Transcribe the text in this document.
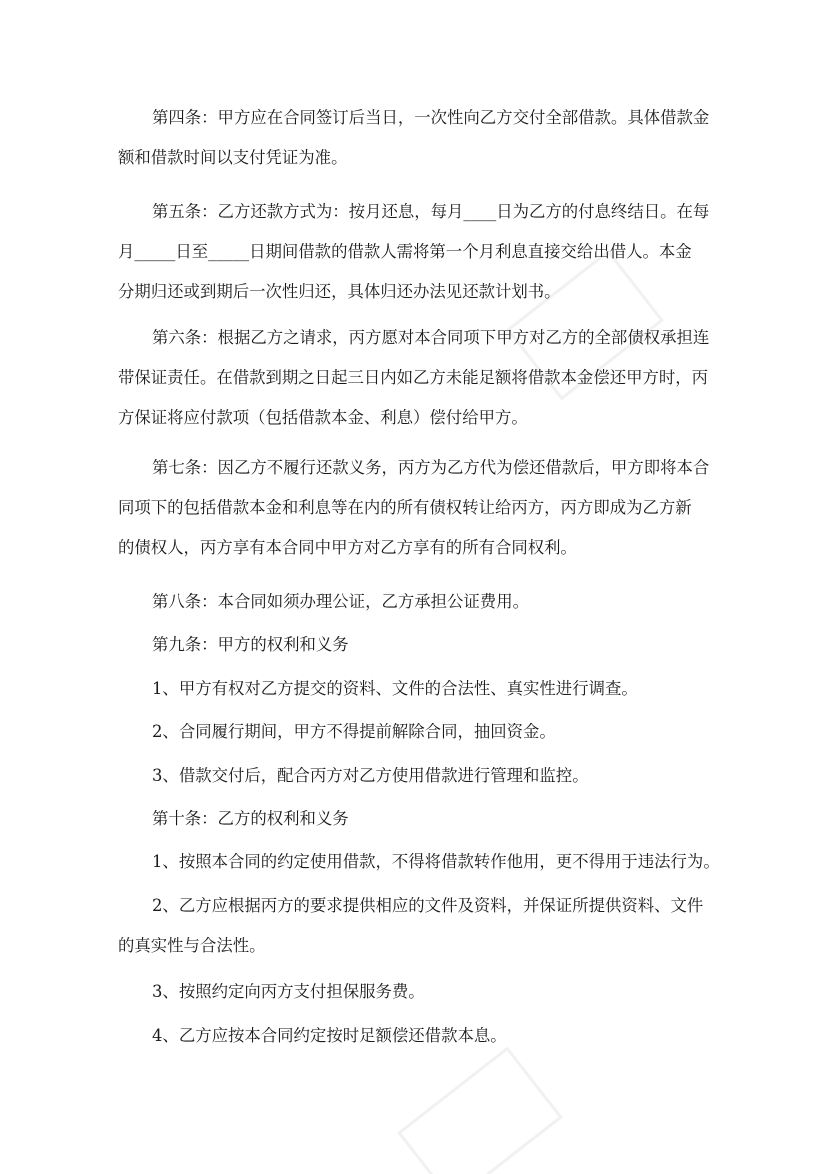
第四条：甲方应在合同签订后当日，一次性向乙方交付全部借款。具体借款金
额和借款时间以支付凭证为准。

第五条：乙方还款方式为：按月还息，每月____日为乙方的付息终结日。在每
月_____日至_____日期间借款的借款人需将第一个月利息直接交给出借人。本金
分期归还或到期后一次性归还，具体归还办法见还款计划书。

第六条：根据乙方之请求，丙方愿对本合同项下甲方对乙方的全部债权承担连
带保证责任。在借款到期之日起三日内如乙方未能足额将借款本金偿还甲方时，丙
方保证将应付款项（包括借款本金、利息）偿付给甲方。

第七条：因乙方不履行还款义务，丙方为乙方代为偿还借款后，甲方即将本合
同项下的包括借款本金和利息等在内的所有债权转让给丙方，丙方即成为乙方新
的债权人，丙方享有本合同中甲方对乙方享有的所有合同权利。

第八条：本合同如须办理公证，乙方承担公证费用。

第九条：甲方的权利和义务

1、甲方有权对乙方提交的资料、文件的合法性、真实性进行调查。

2、合同履行期间，甲方不得提前解除合同，抽回资金。

3、借款交付后，配合丙方对乙方使用借款进行管理和监控。

第十条：乙方的权利和义务

1、按照本合同的约定使用借款，不得将借款转作他用，更不得用于违法行为。

2、乙方应根据丙方的要求提供相应的文件及资料，并保证所提供资料、文件
的真实性与合法性。

3、按照约定向丙方支付担保服务费。

4、乙方应按本合同约定按时足额偿还借款本息。
